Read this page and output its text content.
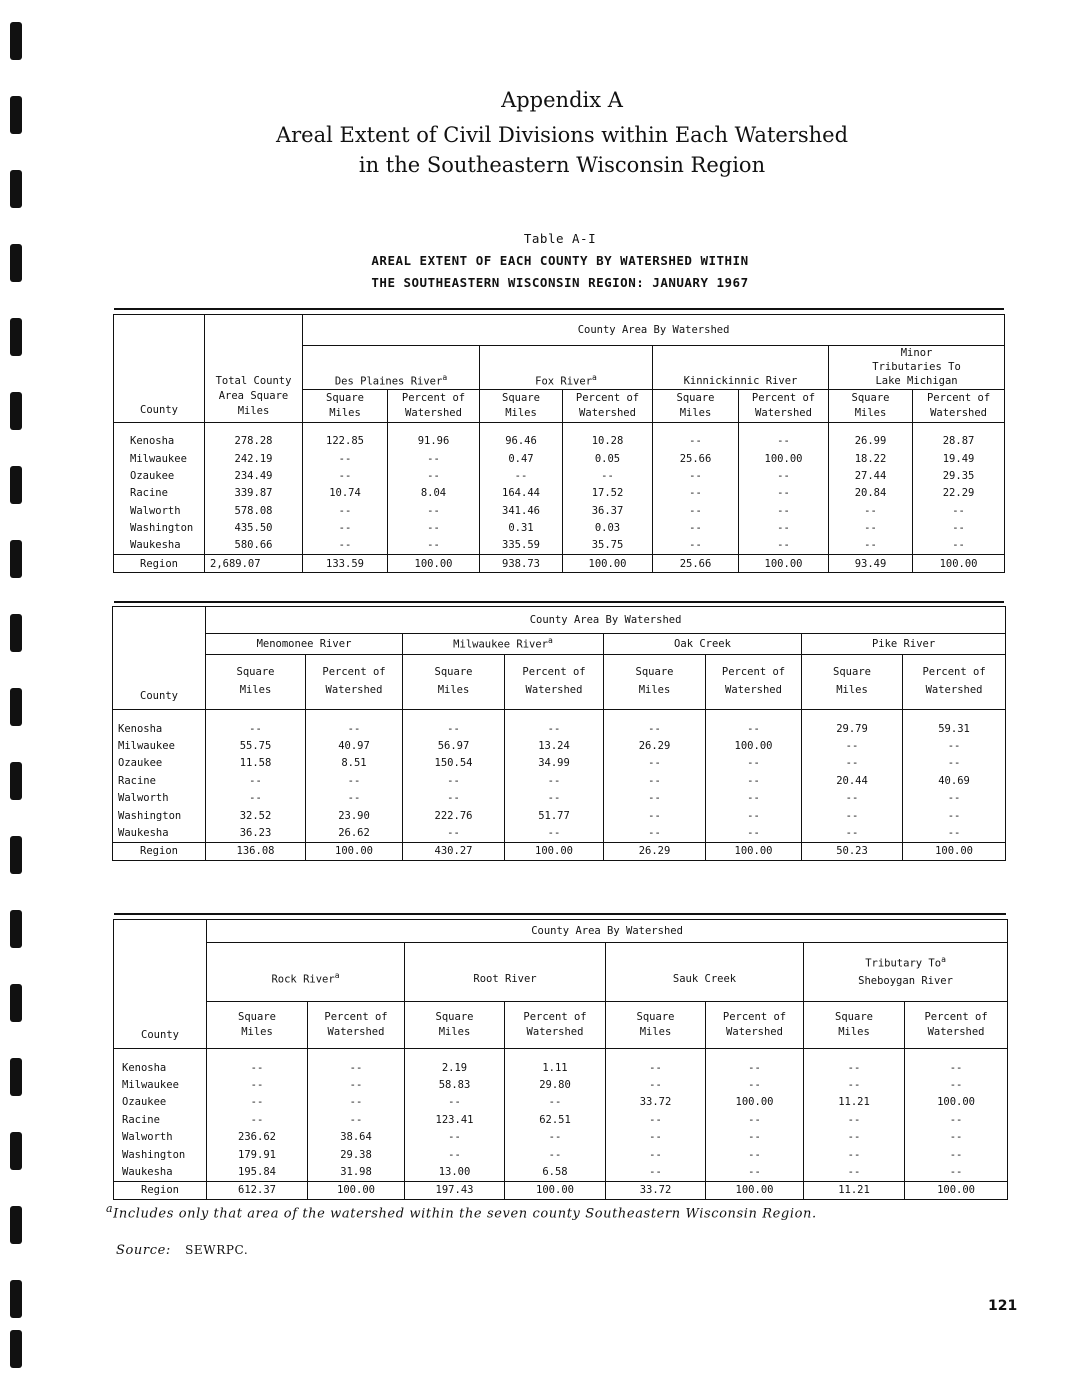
Appendix A
Areal Extent of Civil Divisions within Each Watershed
in the Southeastern Wisconsin Region
Table A-I
AREAL EXTENT OF EACH COUNTY BY WATERSHED WITHIN
THE SOUTHEASTERN WISCONSIN REGION: JANUARY 1967
County	Total County Area Square Miles	County Area By Watershed							
		Des Plaines River$^a$		Fox River$^a$		Kinnickinnic River		Minor Tributaries To Lake Michigan	
		Square Miles	Percent of Watershed	Square Miles	Percent of Watershed	Square Miles	Percent of Watershed	Square Miles	Percent of Watershed

Kenosha	278.28	122.85	91.96	96.46	10.28	--	--	26.99	28.87
Milwaukee	242.19	--	--	0.47	0.05	25.66	100.00	18.22	19.49
Ozaukee	234.49	--	--	--	--	--	--	27.44	29.35
Racine	339.87	10.74	8.04	164.44	17.52	--	--	20.84	22.29
Walworth	578.08	--	--	341.46	36.37	--	--	--	--
Washington	435.50	--	--	0.31	0.03	--	--	--	--
Waukesha	580.66	--	--	335.59	35.75	--	--	--	--
Region	2,689.07	133.59	100.00	938.73	100.00	25.66	100.00	93.49	100.00
County	County Area By Watershed							
	Menomonee River		Milwaukee River$^a$		Oak Creek		Pike River	
	Square Miles	Percent of Watershed	Square Miles	Percent of Watershed	Square Miles	Percent of Watershed	Square Miles	Percent of Watershed

Kenosha	--	--	--	--	--	--	29.79	59.31
Milwaukee	55.75	40.97	56.97	13.24	26.29	100.00	--	--
Ozaukee	11.58	8.51	150.54	34.99	--	--	--	--
Racine	--	--	--	--	--	--	20.44	40.69
Walworth	--	--	--	--	--	--	--	--
Washington	32.52	23.90	222.76	51.77	--	--	--	--
Waukesha	36.23	26.62	--	--	--	--	--	--
Region	136.08	100.00	430.27	100.00	26.29	100.00	50.23	100.00
County	County Area By Watershed							
	Rock River$^a$		Root River		Sauk Creek		Tributary To$^a$
Sheboygan River	
	Square Miles	Percent of Watershed	Square Miles	Percent of Watershed	Square Miles	Percent of Watershed	Square Miles	Percent of Watershed

Kenosha	--	--	2.19	1.11	--	--	--	--
Milwaukee	--	--	58.83	29.80	--	--	--	--
Ozaukee	--	--	--	--	33.72	100.00	11.21	100.00
Racine	--	--	123.41	62.51	--	--	--	--
Walworth	236.62	38.64	--	--	--	--	--	--
Washington	179.91	29.38	--	--	--	--	--	--
Waukesha	195.84	31.98	13.00	6.58	--	--	--	--
Region	612.37	100.00	197.43	100.00	33.72	100.00	11.21	100.00
$^a$Includes only that area of the watershed within the seven county Southeastern Wisconsin Region.
Source: SEWRPC.
121
